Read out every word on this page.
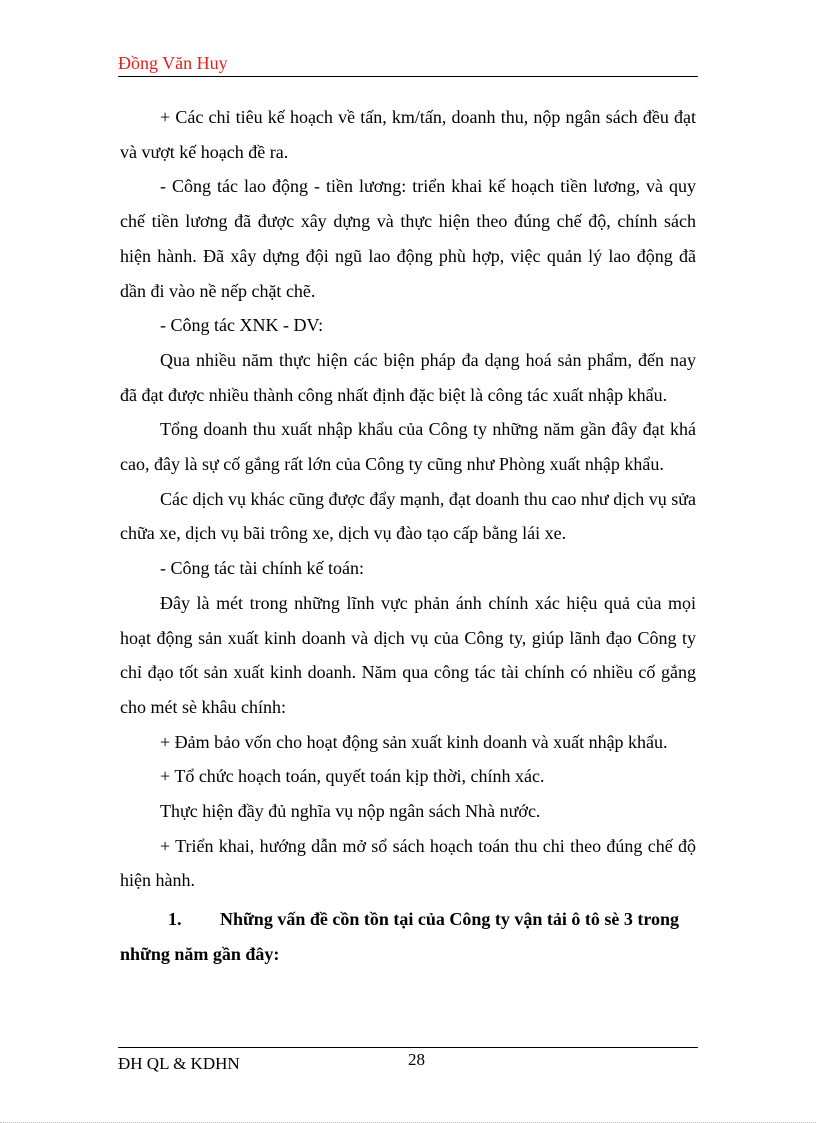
Đồng Văn Huy

+ Các chỉ tiêu kế hoạch về tấn, km/tấn, doanh thu, nộp ngân sách đều đạt và vượt kế hoạch đề ra.

- Công tác lao động - tiền lương: triển khai kế hoạch tiền lương, và quy chế tiền lương đã được xây dựng và thực hiện theo đúng chế độ, chính sách hiện hành. Đã xây dựng đội ngũ lao động phù hợp, việc quản lý lao động đã dần đi vào nề nếp chặt chẽ.

- Công tác XNK - DV:

Qua nhiều năm thực hiện các biện pháp đa dạng hoá sản phẩm, đến nay đã đạt được nhiều thành công nhất định đặc biệt là công tác xuất nhập khẩu.

Tổng doanh thu xuất nhập khẩu của Công ty những năm gần đây đạt khá cao, đây là sự cố gắng rất lớn của Công ty cũng như Phòng xuất nhập khẩu.

Các dịch vụ khác cũng được đẩy mạnh, đạt doanh thu cao như dịch vụ sửa chữa xe, dịch vụ bãi trông xe, dịch vụ đào tạo cấp bằng lái xe.

- Công tác tài chính kế toán:

Đây là mét trong những lĩnh vực phản ánh chính xác hiệu quả của mọi hoạt động sản xuất kinh doanh và dịch vụ của Công ty, giúp lãnh đạo Công ty chỉ đạo tốt sản xuất kinh doanh. Năm qua công tác tài chính có nhiều cố gắng cho mét sè khâu chính:

+ Đảm bảo vốn cho hoạt động sản xuất kinh doanh và xuất nhập khẩu.

+ Tổ chức hoạch toán, quyết toán kịp thời, chính xác.

Thực hiện đầy đủ nghĩa vụ nộp ngân sách Nhà nước.

+ Triển khai, hướng dẫn mở sổ sách hoạch toán thu chi theo đúng chế độ hiện hành.

1. Những vấn đề cồn tồn tại của Công ty vận tải ô tô sè 3 trong những năm gần đây:

ĐH QL & KDHN	28
